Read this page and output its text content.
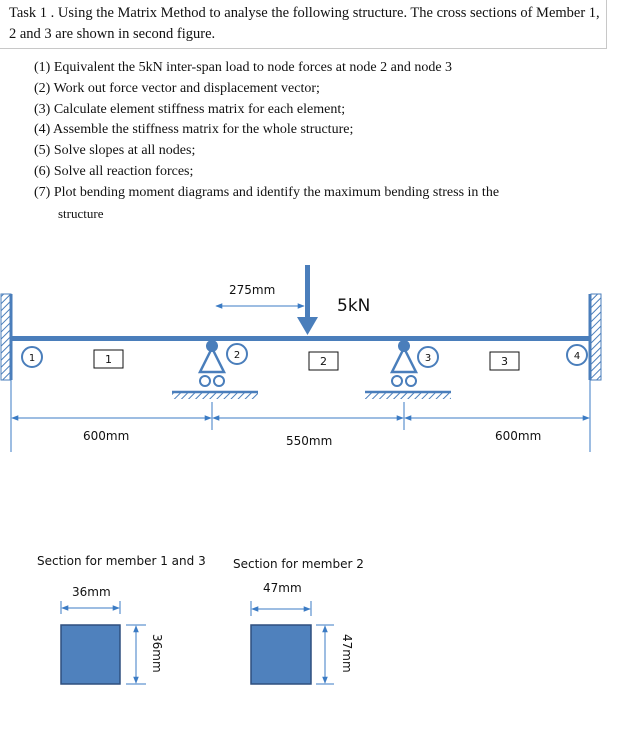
Task 1 . Using the Matrix Method to analyse the following structure. The cross sections of Member 1, 2 and 3 are shown in second figure.
(1) Equivalent the 5kN inter-span load to node forces at node 2 and node 3
(2) Work out force vector and displacement vector;
(3) Calculate element stiffness matrix for each element;
(4) Assemble the stiffness matrix for the whole structure;
(5) Solve slopes at all nodes;
(6) Solve all reaction forces;
(7) Plot bending moment diagrams and identify the maximum bending stress in the
structure
5kN
275mm
1	2	3	4
1	2	3
600mm	550mm	600mm
Section for member 1 and 3
36mm
36mm
Section for member 2
47mm
47mm
